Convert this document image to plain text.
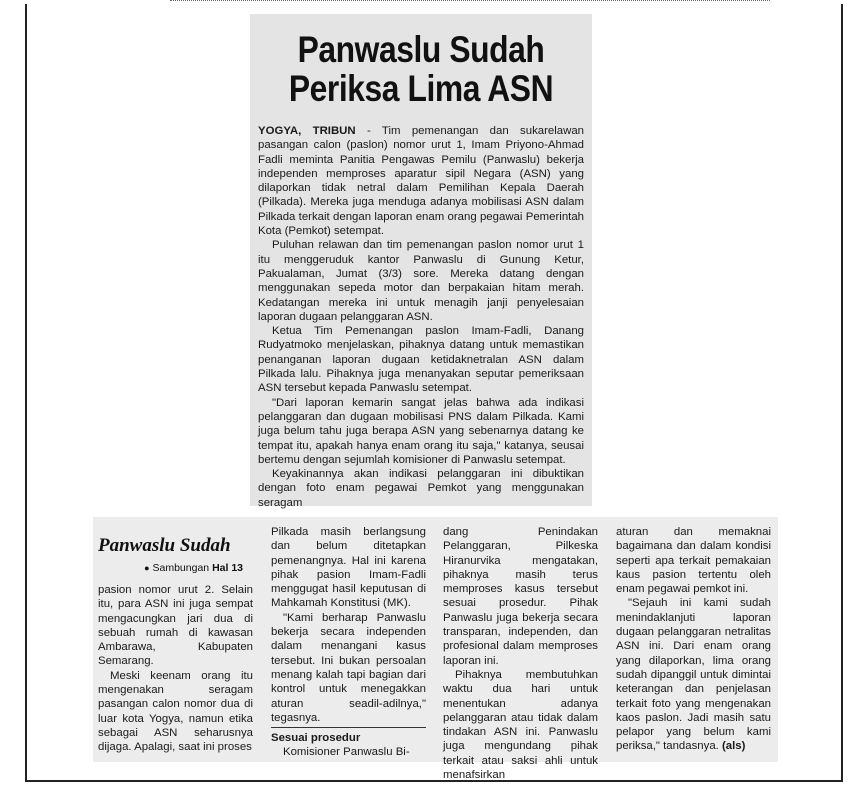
Panwaslu Sudah
Periksa Lima ASN

YOGYA, TRIBUN - Tim pemenangan dan sukarelawan pasangan calon (paslon) nomor urut 1, Imam Priyono-Ahmad Fadli meminta Panitia Pengawas Pemilu (Panwaslu) bekerja independen memproses aparatur sipil Negara (ASN) yang dilaporkan tidak netral dalam Pemilihan Kepala Daerah (Pilkada). Mereka juga menduga adanya mobilisasi ASN dalam Pilkada terkait dengan laporan enam orang pegawai Pemerintah Kota (Pemkot) setempat.

Puluhan relawan dan tim pemenangan paslon nomor urut 1 itu menggeruduk kantor Panwaslu di Gunung Ketur, Pakualaman, Jumat (3/3) sore. Mereka datang dengan menggunakan sepeda motor dan berpakaian hitam merah. Kedatangan mereka ini untuk menagih janji penyelesaian laporan dugaan pelanggaran ASN.

Ketua Tim Pemenangan paslon Imam-Fadli, Danang Rudyatmoko menjelaskan, pihaknya datang untuk memastikan penanganan laporan dugaan ketidaknetralan ASN dalam Pilkada lalu. Pihaknya juga menanyakan seputar pemeriksaan ASN tersebut kepada Panwaslu setempat.

"Dari laporan kemarin sangat jelas bahwa ada indikasi pelanggaran dan dugaan mobilisasi PNS dalam Pilkada. Kami juga belum tahu juga berapa ASN yang sebenarnya datang ke tempat itu, apakah hanya enam orang itu saja," katanya, seusai bertemu dengan sejumlah komisioner di Panwaslu setempat.

Keyakinannya akan indikasi pelanggaran ini dibuktikan dengan foto enam pegawai Pemkot yang menggunakan seragam

Panwaslu Sudah
● Sambungan Hal 13

pasion nomor urut 2. Selain itu, para ASN ini juga sempat mengacungkan jari dua di sebuah rumah di kawasan Ambarawa, Kabupaten Semarang.

Meski keenam orang itu mengenakan seragam pasangan calon nomor dua di luar kota Yogya, namun etika sebagai ASN seharusnya dijaga. Apalagi, saat ini proses

Pilkada masih berlangsung dan belum ditetapkan pemenangnya. Hal ini karena pihak pasion Imam-Fadli menggugat hasil keputusan di Mahkamah Konstitusi (MK).

"Kami berharap Panwaslu bekerja secara independen dalam menangani kasus tersebut. Ini bukan persoalan menang kalah tapi bagian dari kontrol untuk menegakkan aturan seadil-adilnya," tegasnya.

Sesuai prosedur

Komisioner Panwaslu Bi-

dang Penindakan Pelanggaran, Pilkeska Hiranurvika mengatakan, pihaknya masih terus memproses kasus tersebut sesuai prosedur. Pihak Panwaslu juga bekerja secara transparan, independen, dan profesional dalam memproses laporan ini.

Pihaknya membutuhkan waktu dua hari untuk menentukan adanya pelanggaran atau tidak dalam tindakan ASN ini. Panwaslu juga mengundang pihak terkait atau saksi ahli untuk menafsirkan

aturan dan memaknai bagaimana dan dalam kondisi seperti apa terkait pemakaian kaus pasion tertentu oleh enam pegawai pemkot ini.

"Sejauh ini kami sudah menindaklanjuti laporan dugaan pelanggaran netralitas ASN ini. Dari enam orang yang dilaporkan, lima orang sudah dipanggil untuk dimintai keterangan dan penjelasan terkait foto yang mengenakan kaos paslon. Jadi masih satu pelapor yang belum kami periksa," tandasnya. (als)
